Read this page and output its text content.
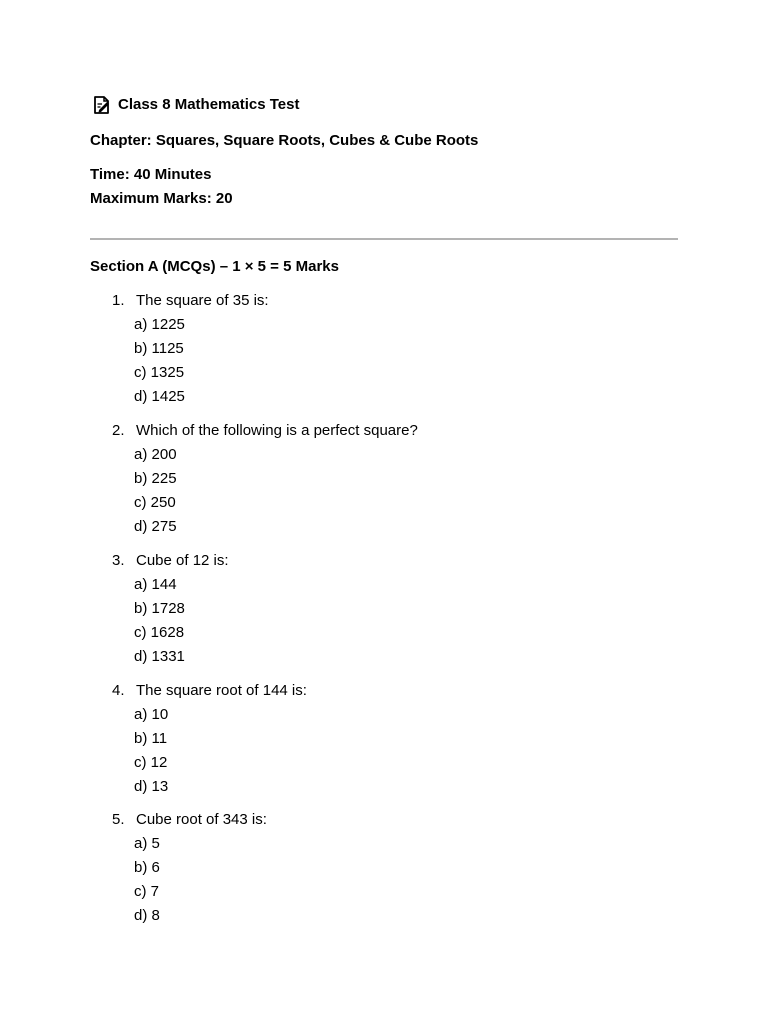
Class 8 Mathematics Test
Chapter: Squares, Square Roots, Cubes & Cube Roots
Time: 40 Minutes
Maximum Marks: 20
Section A (MCQs) – 1 × 5 = 5 Marks
1. The square of 35 is:
a) 1225
b) 1125
c) 1325
d) 1425
2. Which of the following is a perfect square?
a) 200
b) 225
c) 250
d) 275
3. Cube of 12 is:
a) 144
b) 1728
c) 1628
d) 1331
4. The square root of 144 is:
a) 10
b) 11
c) 12
d) 13
5. Cube root of 343 is:
a) 5
b) 6
c) 7
d) 8
